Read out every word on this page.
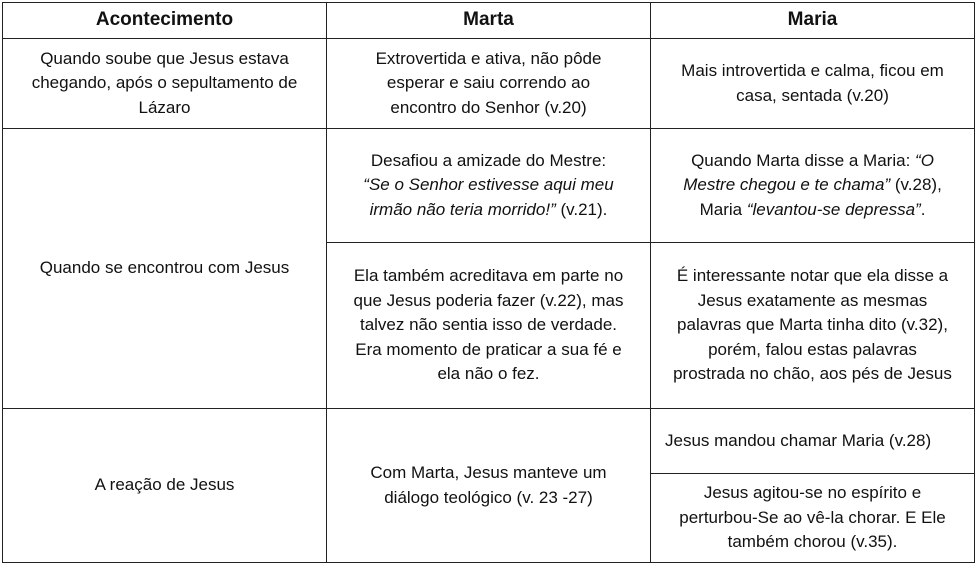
Acontecimento	Marta	Maria
Quando soube que Jesus estava chegando, após o sepultamento de Lázaro	Extrovertida e ativa, não pôde esperar e saiu correndo ao encontro do Senhor (v.20)	Mais introvertida e calma, ficou em casa, sentada (v.20)
Quando se encontrou com Jesus	Desafiou a amizade do Mestre: “Se o Senhor estivesse aqui meu irmão não teria morrido!” (v.21).	Quando Marta disse a Maria: “O Mestre chegou e te chama” (v.28), Maria “levantou-se depressa”.
	Ela também acreditava em parte no que Jesus poderia fazer (v.22), mas talvez não sentia isso de verdade. Era momento de praticar a sua fé e ela não o fez.	É interessante notar que ela disse a Jesus exatamente as mesmas palavras que Marta tinha dito (v.32), porém, falou estas palavras prostrada no chão, aos pés de Jesus
A reação de Jesus	Com Marta, Jesus manteve um diálogo teológico (v. 23 -27)	Jesus mandou chamar Maria (v.28)
		Jesus agitou-se no espírito e perturbou-Se ao vê-la chorar. E Ele também chorou (v.35).
